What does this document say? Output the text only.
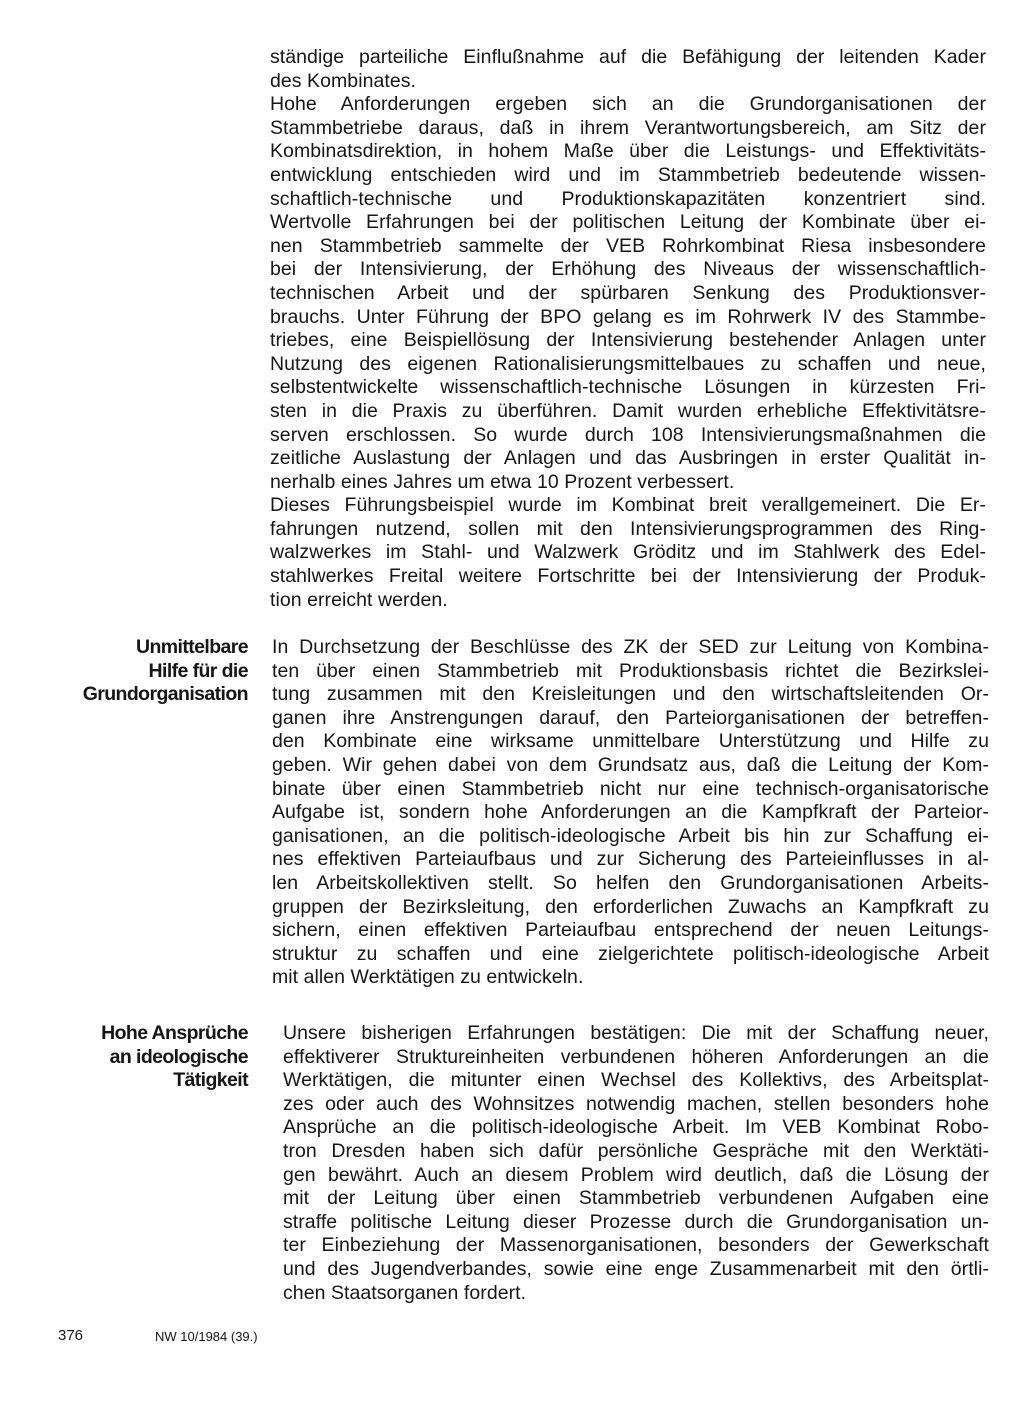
ständige parteiliche Einflußnahme auf die Befähigung der leitenden Kader
des Kombinates.
Hohe Anforderungen ergeben sich an die Grundorganisationen der
Stammbetriebe daraus, daß in ihrem Verantwortungsbereich, am Sitz der
Kombinatsdirektion, in hohem Maße über die Leistungs- und Effektivitäts-
entwicklung entschieden wird und im Stammbetrieb bedeutende wissen-
schaftlich-technische und Produktionskapazitäten konzentriert sind.
Wertvolle Erfahrungen bei der politischen Leitung der Kombinate über ei-
nen Stammbetrieb sammelte der VEB Rohrkombinat Riesa insbesondere
bei der Intensivierung, der Erhöhung des Niveaus der wissenschaftlich-
technischen Arbeit und der spürbaren Senkung des Produktionsver-
brauchs. Unter Führung der BPO gelang es im Rohrwerk IV des Stammbe-
triebes, eine Beispiellösung der Intensivierung bestehender Anlagen unter
Nutzung des eigenen Rationalisierungsmittelbaues zu schaffen und neue,
selbstentwickelte wissenschaftlich-technische Lösungen in kürzesten Fri-
sten in die Praxis zu überführen. Damit wurden erhebliche Effektivitätsre-
serven erschlossen. So wurde durch 108 Intensivierungsmaßnahmen die
zeitliche Auslastung der Anlagen und das Ausbringen in erster Qualität in-
nerhalb eines Jahres um etwa 10 Prozent verbessert.
Dieses Führungsbeispiel wurde im Kombinat breit verallgemeinert. Die Er-
fahrungen nutzend, sollen mit den Intensivierungsprogrammen des Ring-
walzwerkes im Stahl- und Walzwerk Gröditz und im Stahlwerk des Edel-
stahlwerkes Freital weitere Fortschritte bei der Intensivierung der Produk-
tion erreicht werden.
Unmittelbare
Hilfe für die
Grundorganisation
In Durchsetzung der Beschlüsse des ZK der SED zur Leitung von Kombina-
ten über einen Stammbetrieb mit Produktionsbasis richtet die Bezirkslei-
tung zusammen mit den Kreisleitungen und den wirtschaftsleitenden Or-
ganen ihre Anstrengungen darauf, den Parteiorganisationen der betreffen-
den Kombinate eine wirksame unmittelbare Unterstützung und Hilfe zu
geben. Wir gehen dabei von dem Grundsatz aus, daß die Leitung der Kom-
binate über einen Stammbetrieb nicht nur eine technisch-organisatorische
Aufgabe ist, sondern hohe Anforderungen an die Kampfkraft der Parteior-
ganisationen, an die politisch-ideologische Arbeit bis hin zur Schaffung ei-
nes effektiven Parteiaufbaus und zur Sicherung des Parteieinflusses in al-
len Arbeitskollektiven stellt. So helfen den Grundorganisationen Arbeits-
gruppen der Bezirksleitung, den erforderlichen Zuwachs an Kampfkraft zu
sichern, einen effektiven Parteiaufbau entsprechend der neuen Leitungs-
struktur zu schaffen und eine zielgerichtete politisch-ideologische Arbeit
mit allen Werktätigen zu entwickeln.
Hohe Ansprüche
an ideologische
Tätigkeit
Unsere bisherigen Erfahrungen bestätigen: Die mit der Schaffung neuer,
effektiverer Struktureinheiten verbundenen höheren Anforderungen an die
Werktätigen, die mitunter einen Wechsel des Kollektivs, des Arbeitsplat-
zes oder auch des Wohnsitzes notwendig machen, stellen besonders hohe
Ansprüche an die politisch-ideologische Arbeit. Im VEB Kombinat Robo-
tron Dresden haben sich dafür persönliche Gespräche mit den Werktäti-
gen bewährt. Auch an diesem Problem wird deutlich, daß die Lösung der
mit der Leitung über einen Stammbetrieb verbundenen Aufgaben eine
straffe politische Leitung dieser Prozesse durch die Grundorganisation un-
ter Einbeziehung der Massenorganisationen, besonders der Gewerkschaft
und des Jugendverbandes, sowie eine enge Zusammenarbeit mit den örtli-
chen Staatsorganen fordert.
376	NW 10/1984 (39.)
